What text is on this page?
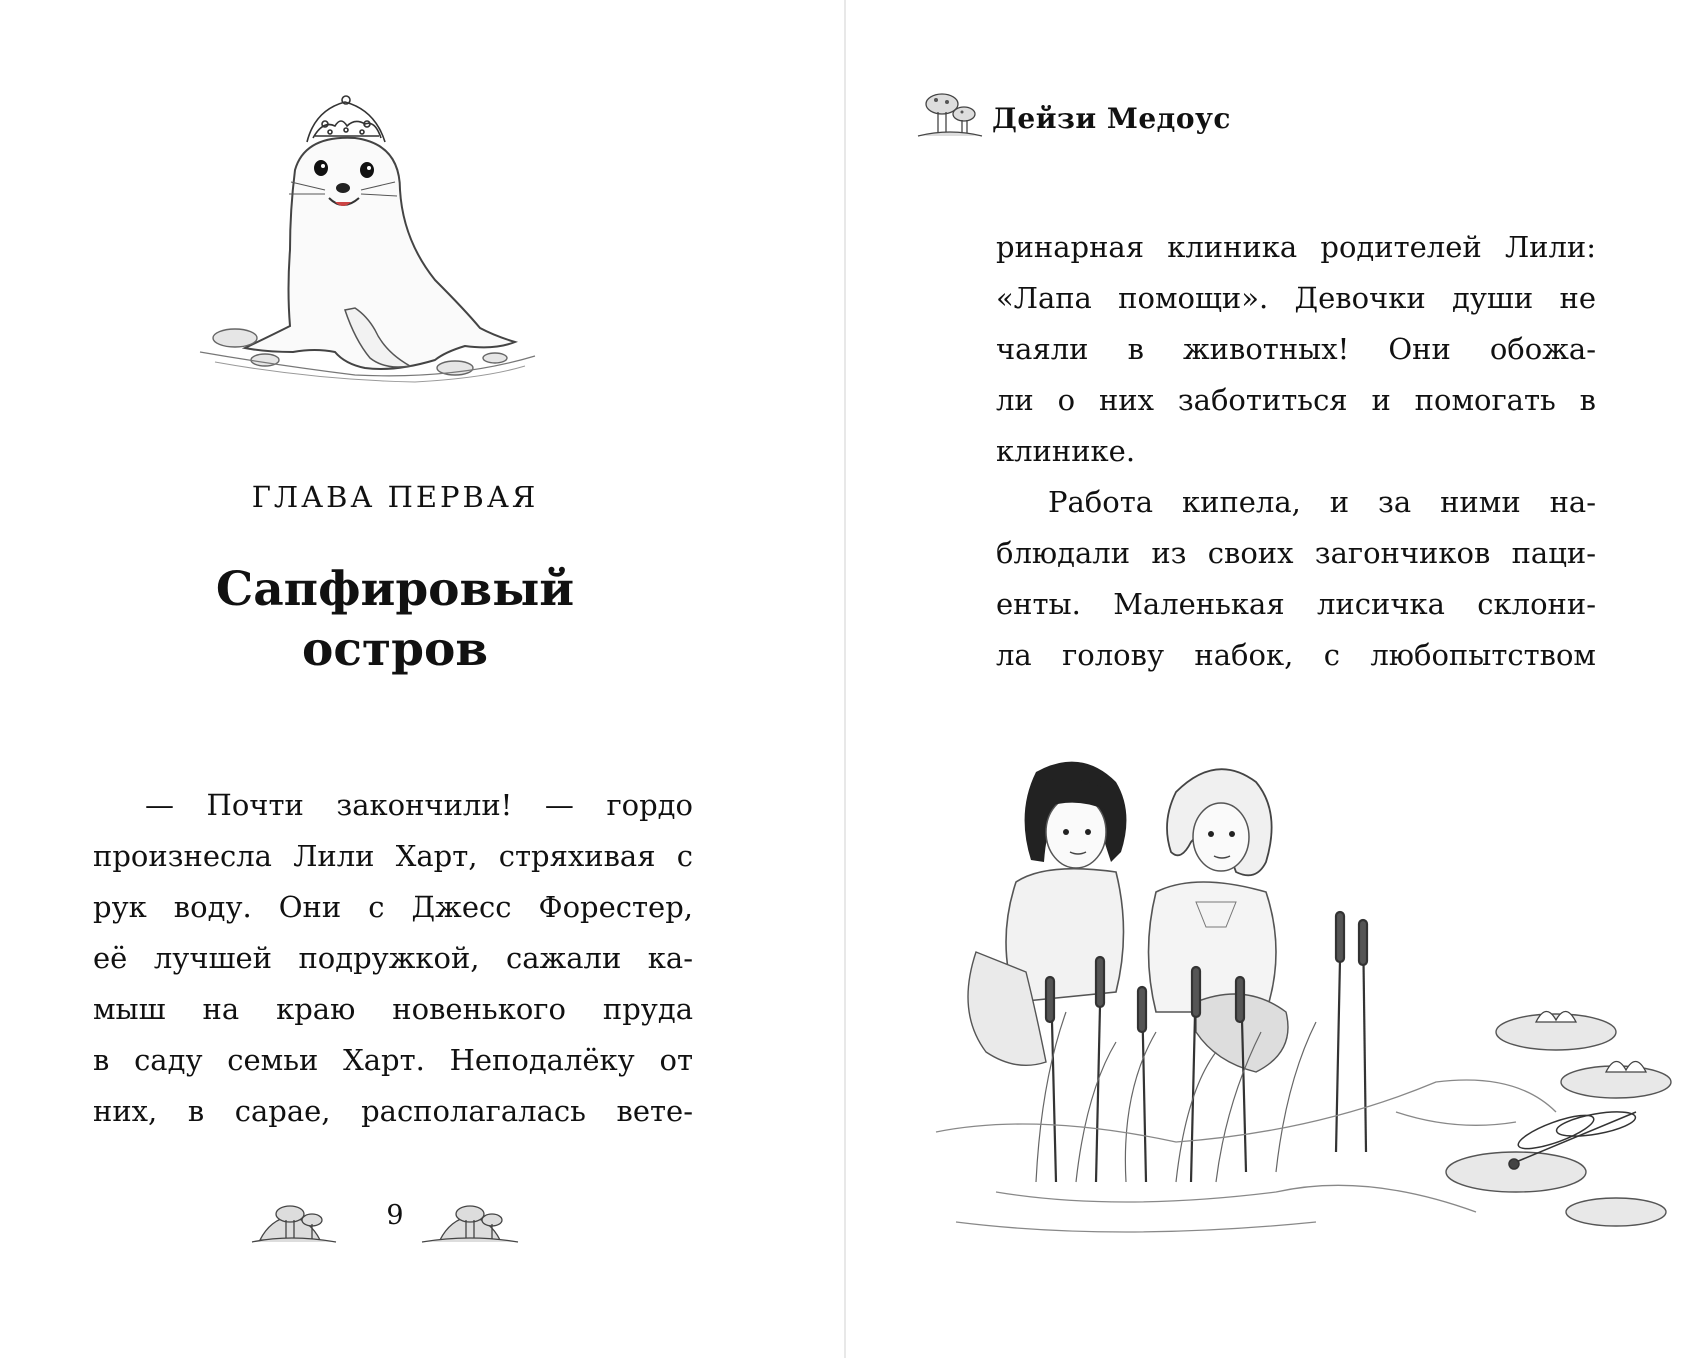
ГЛАВА ПЕРВАЯ
Сапфировый
остров
— Почти закончили! — гордо
произнесла Лили Харт, стряхивая с
рук воду. Они с Джесс Форестер,
её лучшей подружкой, сажали ка-
мыш на краю новенького пруда
в саду семьи Харт. Неподалёку от
них, в сарае, располагалась вете-
9
Дейзи Медоус
ринарная клиника родителей Лили:
«Лапа помощи». Девочки души не
чаяли в животных! Они обожа-
ли о них заботиться и помогать в
клинике.
Работа кипела, и за ними на-
блюдали из своих загончиков паци-
енты. Маленькая лисичка склони-
ла голову набок, с любопытством
